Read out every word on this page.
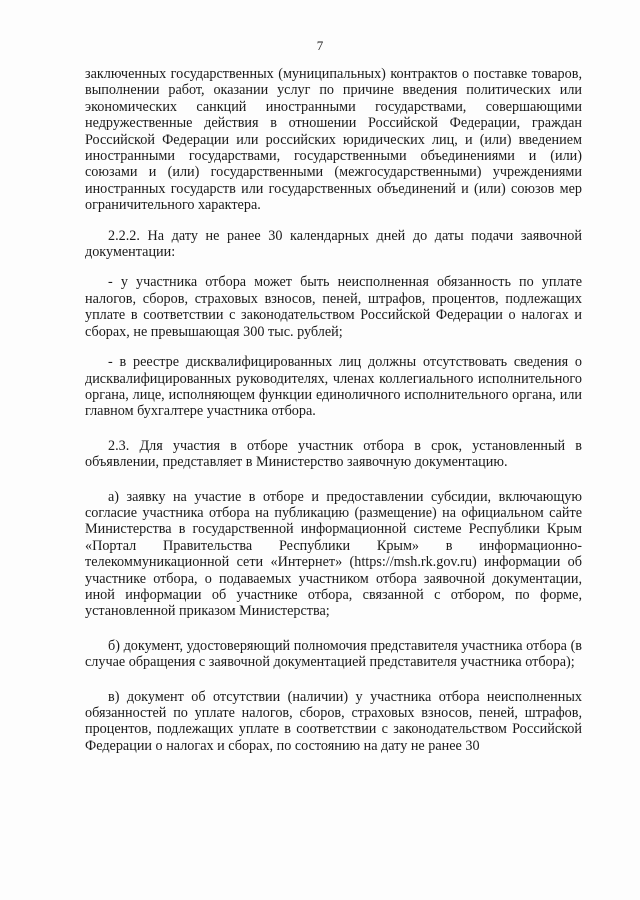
7

заключенных государственных (муниципальных) контрактов о поставке товаров, выполнении работ, оказании услуг по причине введения политических или экономических санкций иностранными государствами, совершающими недружественные действия в отношении Российской Федерации, граждан Российской Федерации или российских юридических лиц, и (или) введением иностранными государствами, государственными объединениями и (или) союзами и (или) государственными (межгосударственными) учреждениями иностранных государств или государственных объединений и (или) союзов мер ограничительного характера.

2.2.2. На дату не ранее 30 календарных дней до даты подачи заявочной документации:

- у участника отбора может быть неисполненная обязанность по уплате налогов, сборов, страховых взносов, пеней, штрафов, процентов, подлежащих уплате в соответствии с законодательством Российской Федерации о налогах и сборах, не превышающая 300 тыс. рублей;

- в реестре дисквалифицированных лиц должны отсутствовать сведения о дисквалифицированных руководителях, членах коллегиального исполнительного органа, лице, исполняющем функции единоличного исполнительного органа, или главном бухгалтере участника отбора.

2.3. Для участия в отборе участник отбора в срок, установленный в объявлении, представляет в Министерство заявочную документацию.

а) заявку на участие в отборе и предоставлении субсидии, включающую согласие участника отбора на публикацию (размещение) на официальном сайте Министерства в государственной информационной системе Республики Крым «Портал Правительства Республики Крым» в информационно-телекоммуникационной сети «Интернет» (https://msh.rk.gov.ru) информации об участнике отбора, о подаваемых участником отбора заявочной документации, иной информации об участнике отбора, связанной с отбором, по форме, установленной приказом Министерства;

б) документ, удостоверяющий полномочия представителя участника отбора (в случае обращения с заявочной документацией представителя участника отбора);

в) документ об отсутствии (наличии) у участника отбора неисполненных обязанностей по уплате налогов, сборов, страховых взносов, пеней, штрафов, процентов, подлежащих уплате в соответствии с законодательством Российской Федерации о налогах и сборах, по состоянию на дату не ранее 30
